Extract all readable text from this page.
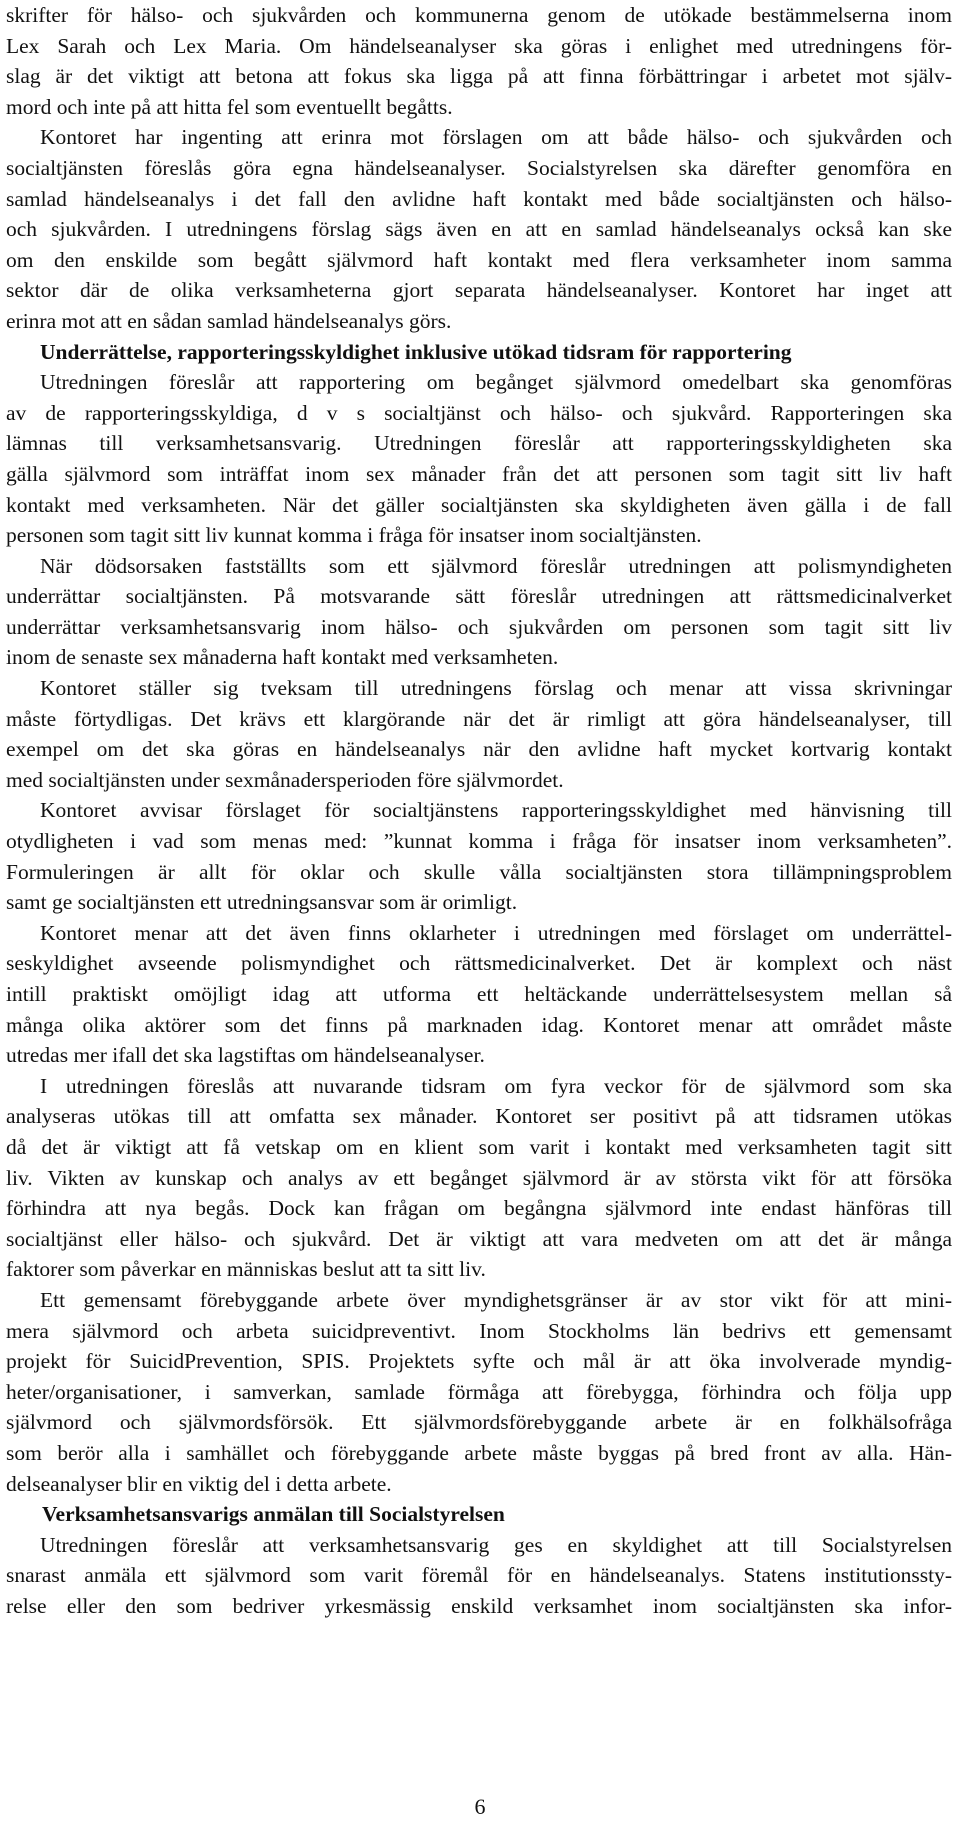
skrifter för hälso- och sjukvården och kommunerna genom de utökade bestämmelserna inom
Lex Sarah och Lex Maria. Om händelseanalyser ska göras i enlighet med utredningens för-
slag är det viktigt att betona att fokus ska ligga på att finna förbättringar i arbetet mot själv-
mord och inte på att hitta fel som eventuellt begåtts.
Kontoret har ingenting att erinra mot förslagen om att både hälso- och sjukvården och
socialtjänsten föreslås göra egna händelseanalyser. Socialstyrelsen ska därefter genomföra en
samlad händelseanalys i det fall den avlidne haft kontakt med både socialtjänsten och hälso-
och sjukvården. I utredningens förslag sägs även en att en samlad händelseanalys också kan ske
om den enskilde som begått självmord haft kontakt med flera verksamheter inom samma
sektor där de olika verksamheterna gjort separata händelseanalyser. Kontoret har inget att
erinra mot att en sådan samlad händelseanalys görs.
Underrättelse, rapporteringsskyldighet inklusive utökad tidsram för rapportering
Utredningen föreslår att rapportering om begånget självmord omedelbart ska genomföras
av de rapporteringsskyldiga, d v s socialtjänst och hälso- och sjukvård. Rapporteringen ska
lämnas till verksamhetsansvarig. Utredningen föreslår att rapporteringsskyldigheten ska
gälla självmord som inträffat inom sex månader från det att personen som tagit sitt liv haft
kontakt med verksamheten. När det gäller socialtjänsten ska skyldigheten även gälla i de fall
personen som tagit sitt liv kunnat komma i fråga för insatser inom socialtjänsten.
När dödsorsaken fastställts som ett självmord föreslår utredningen att polismyndigheten
underrättar socialtjänsten. På motsvarande sätt föreslår utredningen att rättsmedicinalverket
underrättar verksamhetsansvarig inom hälso- och sjukvården om personen som tagit sitt liv
inom de senaste sex månaderna haft kontakt med verksamheten.
Kontoret ställer sig tveksam till utredningens förslag och menar att vissa skrivningar
måste förtydligas. Det krävs ett klargörande när det är rimligt att göra händelseanalyser, till
exempel om det ska göras en händelseanalys när den avlidne haft mycket kortvarig kontakt
med socialtjänsten under sexmånadersperioden före självmordet.
Kontoret avvisar förslaget för socialtjänstens rapporteringsskyldighet med hänvisning till
otydligheten i vad som menas med: ”kunnat komma i fråga för insatser inom verksamheten”.
Formuleringen är allt för oklar och skulle vålla socialtjänsten stora tillämpningsproblem
samt ge socialtjänsten ett utredningsansvar som är orimligt.
Kontoret menar att det även finns oklarheter i utredningen med förslaget om underrättel-
seskyldighet avseende polismyndighet och rättsmedicinalverket. Det är komplext och näst
intill praktiskt omöjligt idag att utforma ett heltäckande underrättelsesystem mellan så
många olika aktörer som det finns på marknaden idag. Kontoret menar att området måste
utredas mer ifall det ska lagstiftas om händelseanalyser.
I utredningen föreslås att nuvarande tidsram om fyra veckor för de självmord som ska
analyseras utökas till att omfatta sex månader. Kontoret ser positivt på att tidsramen utökas
då det är viktigt att få vetskap om en klient som varit i kontakt med verksamheten tagit sitt
liv. Vikten av kunskap och analys av ett begånget självmord är av största vikt för att försöka
förhindra att nya begås. Dock kan frågan om begångna självmord inte endast hänföras till
socialtjänst eller hälso- och sjukvård. Det är viktigt att vara medveten om att det är många
faktorer som påverkar en människas beslut att ta sitt liv.
Ett gemensamt förebyggande arbete över myndighetsgränser är av stor vikt för att mini-
mera självmord och arbeta suicidpreventivt. Inom Stockholms län bedrivs ett gemensamt
projekt för SuicidPrevention, SPIS. Projektets syfte och mål är att öka involverade myndig-
heter/organisationer, i samverkan, samlade förmåga att förebygga, förhindra och följa upp
självmord och självmordsförsök. Ett självmordsförebyggande arbete är en folkhälsofråga
som berör alla i samhället och förebyggande arbete måste byggas på bred front av alla. Hän-
delseanalyser blir en viktig del i detta arbete.
Verksamhetsansvarigs anmälan till Socialstyrelsen
Utredningen föreslår att verksamhetsansvarig ges en skyldighet att till Socialstyrelsen
snarast anmäla ett självmord som varit föremål för en händelseanalys. Statens institutionssty-
relse eller den som bedriver yrkesmässig enskild verksamhet inom socialtjänsten ska infor-
6
